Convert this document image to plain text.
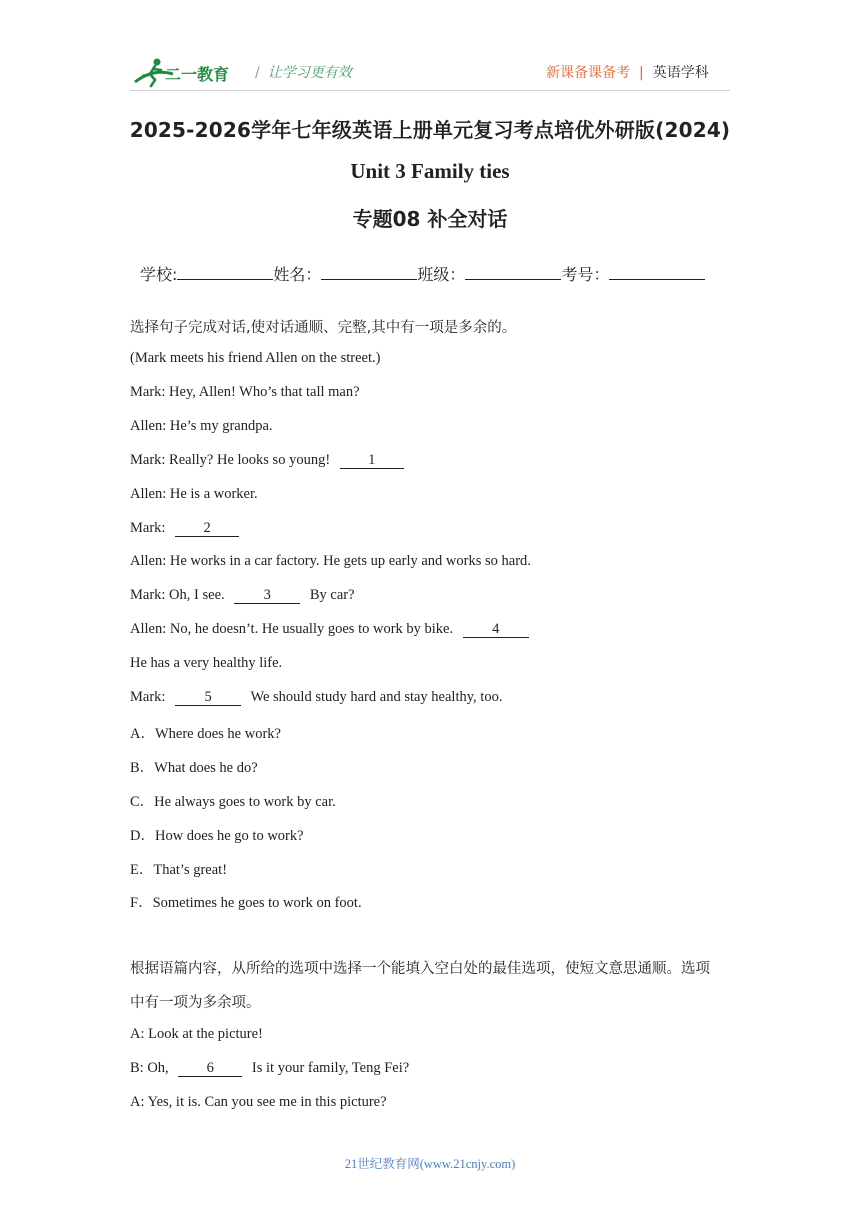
二一教育 / 让学习更有效	新课备课备考 | 英语学科
2025-2026学年七年级英语上册单元复习考点培优外研版(2024)
Unit 3 Family ties
专题08 补全对话
学校:	姓名：	班级：	考号：
选择句子完成对话,使对话通顺、完整,其中有一项是多余的。
(Mark meets his friend Allen on the street.)
Mark: Hey, Allen! Who’s that tall man?
Allen: He’s my grandpa.
Mark: Really? He looks so young!	1
Allen: He is a worker.
Mark:	2
Allen: He works in a car factory. He gets up early and works so hard.
Mark: Oh, I see.	3	By car?
Allen: No, he doesn’t. He usually goes to work by bike.	4
He has a very healthy life.
Mark:	5	We should study hard and stay healthy, too.
A．Where does he work?
B．What does he do?
C．He always goes to work by car.
D．How does he go to work?
E．That’s great!
F．Sometimes he goes to work on foot.
根据语篇内容，从所给的选项中选择一个能填入空白处的最佳选项，使短文意思通顺。选项
中有一项为多余项。
A: Look at the picture!
B: Oh,	6	Is it your family, Teng Fei?
A: Yes, it is. Can you see me in this picture?
21世纪教育网(www.21cnjy.com)
